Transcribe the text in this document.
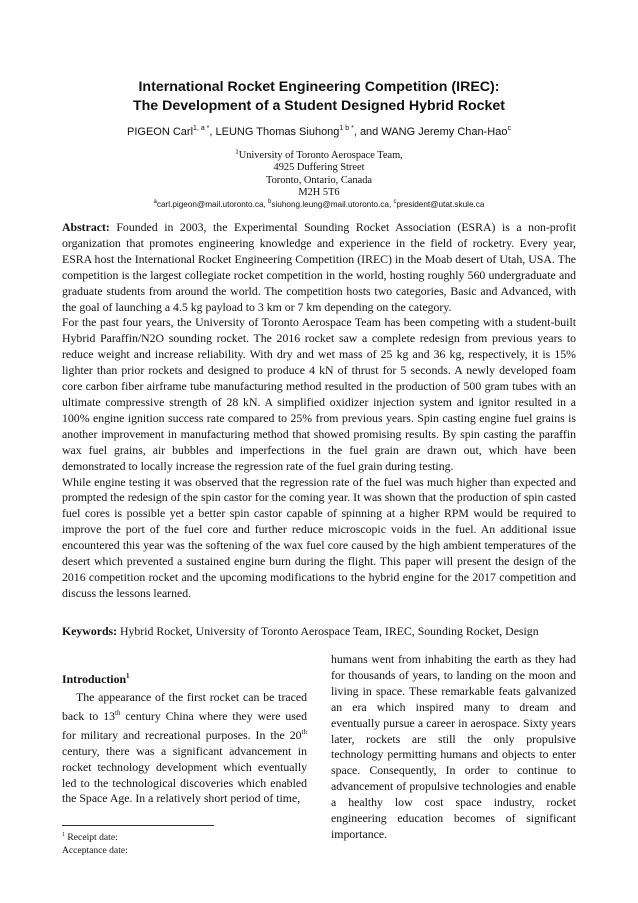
International Rocket Engineering Competition (IREC):
The Development of a Student Designed Hybrid Rocket
PIGEON Carl$^{1, a *}$, LEUNG Thomas Siuhong$^{1 b *}$, and WANG Jeremy Chan-Hao$^c$
$^1$University of Toronto Aerospace Team,
4925 Duffering Street
Toronto, Ontario, Canada
M2H 5T6
$^a$carl.pigeon@mail.utoronto.ca, $^b$siuhong.leung@mail.utoronto.ca, $^c$president@utat.skule.ca

Abstract: Founded in 2003, the Experimental Sounding Rocket Association (ESRA) is a non-profit organization that promotes engineering knowledge and experience in the field of rocketry. Every year, ESRA host the International Rocket Engineering Competition (IREC) in the Moab desert of Utah, USA. The competition is the largest collegiate rocket competition in the world, hosting roughly 560 undergraduate and graduate students from around the world. The competition hosts two categories, Basic and Advanced, with the goal of launching a 4.5 kg payload to 3 km or 7 km depending on the category.

For the past four years, the University of Toronto Aerospace Team has been competing with a student-built Hybrid Paraffin/N2O sounding rocket. The 2016 rocket saw a complete redesign from previous years to reduce weight and increase reliability. With dry and wet mass of 25 kg and 36 kg, respectively, it is 15% lighter than prior rockets and designed to produce 4 kN of thrust for 5 seconds. A newly developed foam core carbon fiber airframe tube manufacturing method resulted in the production of 500 gram tubes with an ultimate compressive strength of 28 kN. A simplified oxidizer injection system and ignitor resulted in a 100% engine ignition success rate compared to 25% from previous years. Spin casting engine fuel grains is another improvement in manufacturing method that showed promising results. By spin casting the paraffin wax fuel grains, air bubbles and imperfections in the fuel grain are drawn out, which have been demonstrated to locally increase the regression rate of the fuel grain during testing.

While engine testing it was observed that the regression rate of the fuel was much higher than expected and prompted the redesign of the spin castor for the coming year. It was shown that the production of spin casted fuel cores is possible yet a better spin castor capable of spinning at a higher RPM would be required to improve the port of the fuel core and further reduce microscopic voids in the fuel. An additional issue encountered this year was the softening of the wax fuel core caused by the high ambient temperatures of the desert which prevented a sustained engine burn during the flight. This paper will present the design of the 2016 competition rocket and the upcoming modifications to the hybrid engine for the 2017 competition and discuss the lessons learned.

Keywords: Hybrid Rocket, University of Toronto Aerospace Team, IREC, Sounding Rocket, Design
Introduction$^1$

The appearance of the first rocket can be traced back to 13th century China where they were used for military and recreational purposes. In the 20th century, there was a significant advancement in rocket technology development which eventually led to the technological discoveries which enabled the Space Age. In a relatively short period of time,

humans went from inhabiting the earth as they had for thousands of years, to landing on the moon and living in space. These remarkable feats galvanized an era which inspired many to dream and eventually pursue a career in aerospace. Sixty years later, rockets are still the only propulsive technology permitting humans and objects to enter space. Consequently, In order to continue to advancement of propulsive technologies and enable a healthy low cost space industry, rocket engineering education becomes of significant importance.

$^1$ Receipt date:
Acceptance date:
